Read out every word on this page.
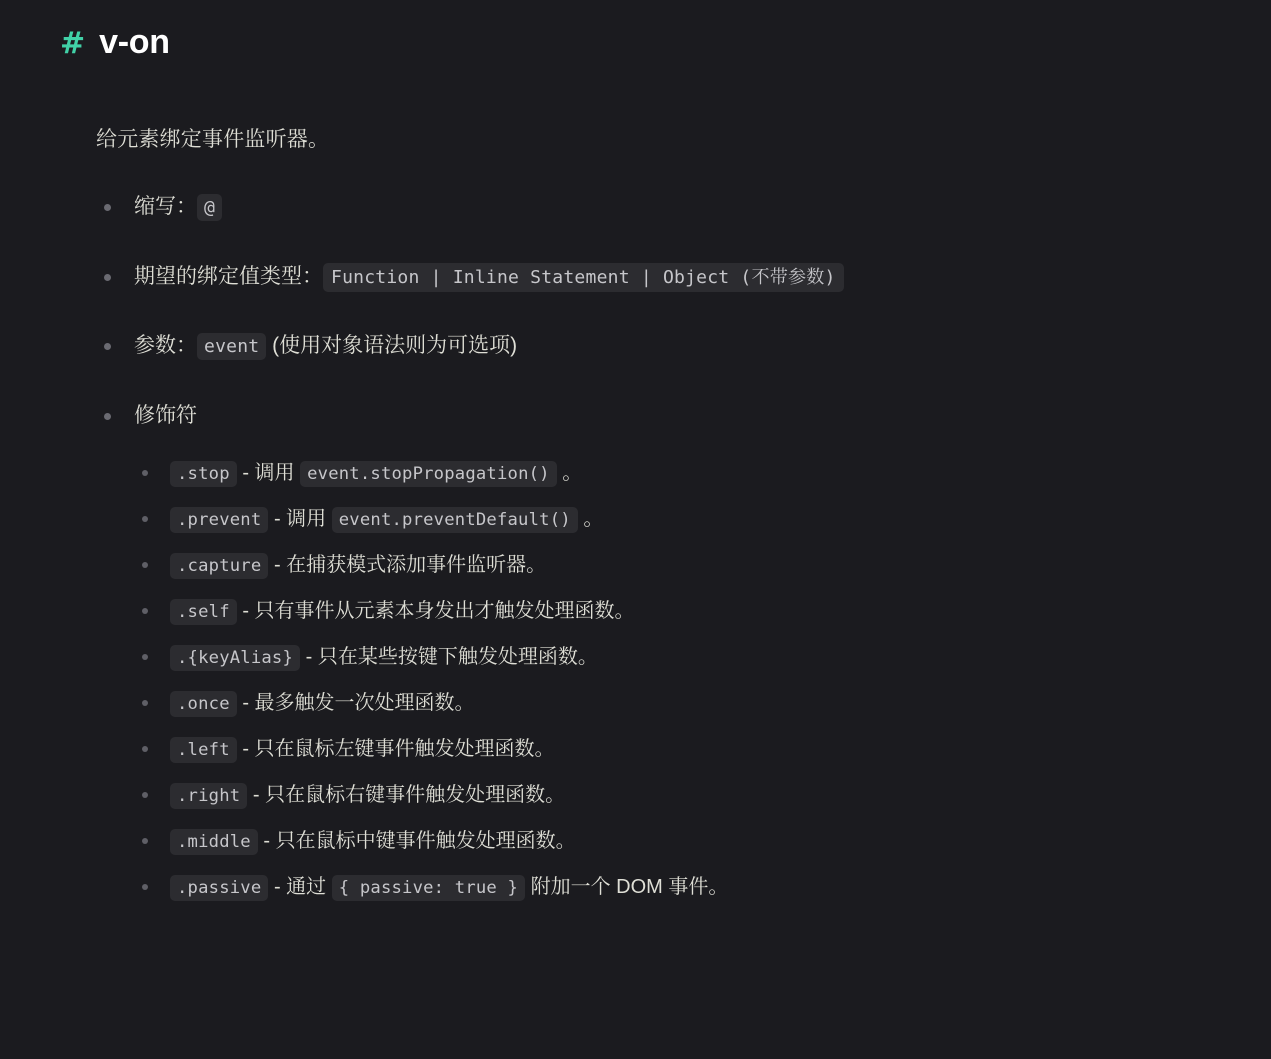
# v-on

给元素绑定事件监听器。

缩写： @
期望的绑定值类型： Function | Inline Statement | Object (不带参数)
参数： event (使用对象语法则为可选项)
修饰符
.stop - 调用 event.stopPropagation() 。
.prevent - 调用 event.preventDefault() 。
.capture - 在捕获模式添加事件监听器。
.self - 只有事件从元素本身发出才触发处理函数。
.{keyAlias} - 只在某些按键下触发处理函数。
.once - 最多触发一次处理函数。
.left - 只在鼠标左键事件触发处理函数。
.right - 只在鼠标右键事件触发处理函数。
.middle - 只在鼠标中键事件触发处理函数。
.passive - 通过 { passive: true } 附加一个 DOM 事件。
